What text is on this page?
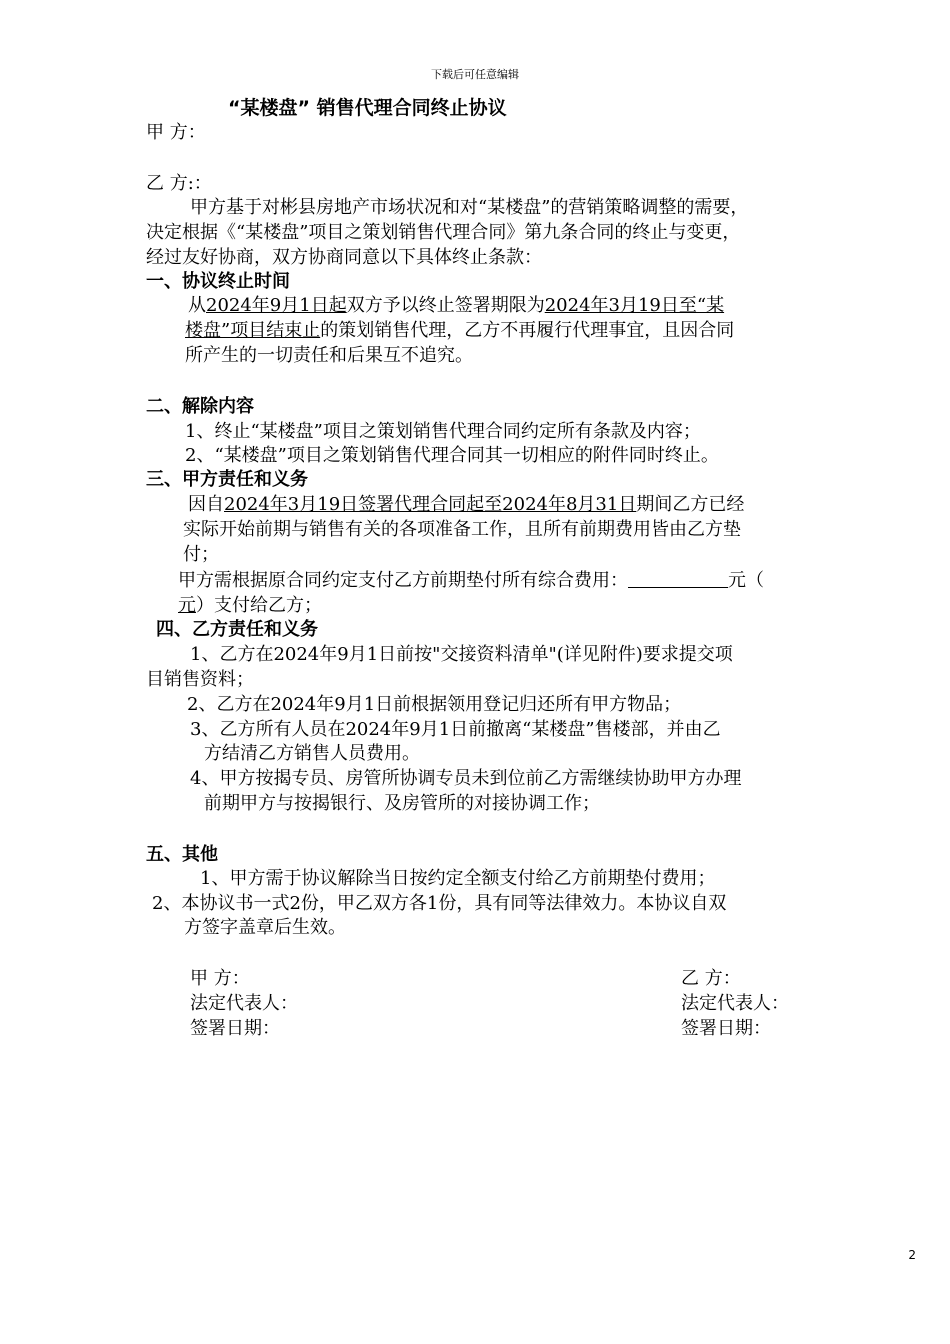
下载后可任意编辑
“某楼盘” 销售代理合同终止协议
甲 方：
乙 方:：
甲方基于对彬县房地产市场状况和对“某楼盘”的营销策略调整的需要，
决定根据《“某楼盘”项目之策划销售代理合同》第九条合同的终止与变更，
经过友好协商，双方协商同意以下具体终止条款：
一、协议终止时间
从2024年9月1日起双方予以终止签署期限为2024年3月19日至“某
楼盘”项目结束止的策划销售代理，乙方不再履行代理事宜，且因合同
所产生的一切责任和后果互不追究。
二、解除内容
1、终止“某楼盘”项目之策划销售代理合同约定所有条款及内容；
2、“某楼盘”项目之策划销售代理合同其一切相应的附件同时终止。
三、甲方责任和义务
因自2024年3月19日签署代理合同起至2024年8月31日期间乙方已经
实际开始前期与销售有关的各项准备工作，且所有前期费用皆由乙方垫
付；
甲方需根据原合同约定支付乙方前期垫付所有综合费用：	元（
元）支付给乙方；
四、乙方责任和义务
1、乙方在2024年9月1日前按"交接资料清单"(详见附件)要求提交项
目销售资料；
2、乙方在2024年9月1日前根据领用登记归还所有甲方物品；
3、乙方所有人员在2024年9月1日前撤离“某楼盘”售楼部，并由乙
方结清乙方销售人员费用。
4、甲方按揭专员、房管所协调专员未到位前乙方需继续协助甲方办理
前期甲方与按揭银行、及房管所的对接协调工作；
五、其他
1、甲方需于协议解除当日按约定全额支付给乙方前期垫付费用；
2、本协议书一式2份，甲乙双方各1份，具有同等法律效力。本协议自双
方签字盖章后生效。
甲 方：
法定代表人：
签署日期：
乙 方：
法定代表人：
签署日期：
2
